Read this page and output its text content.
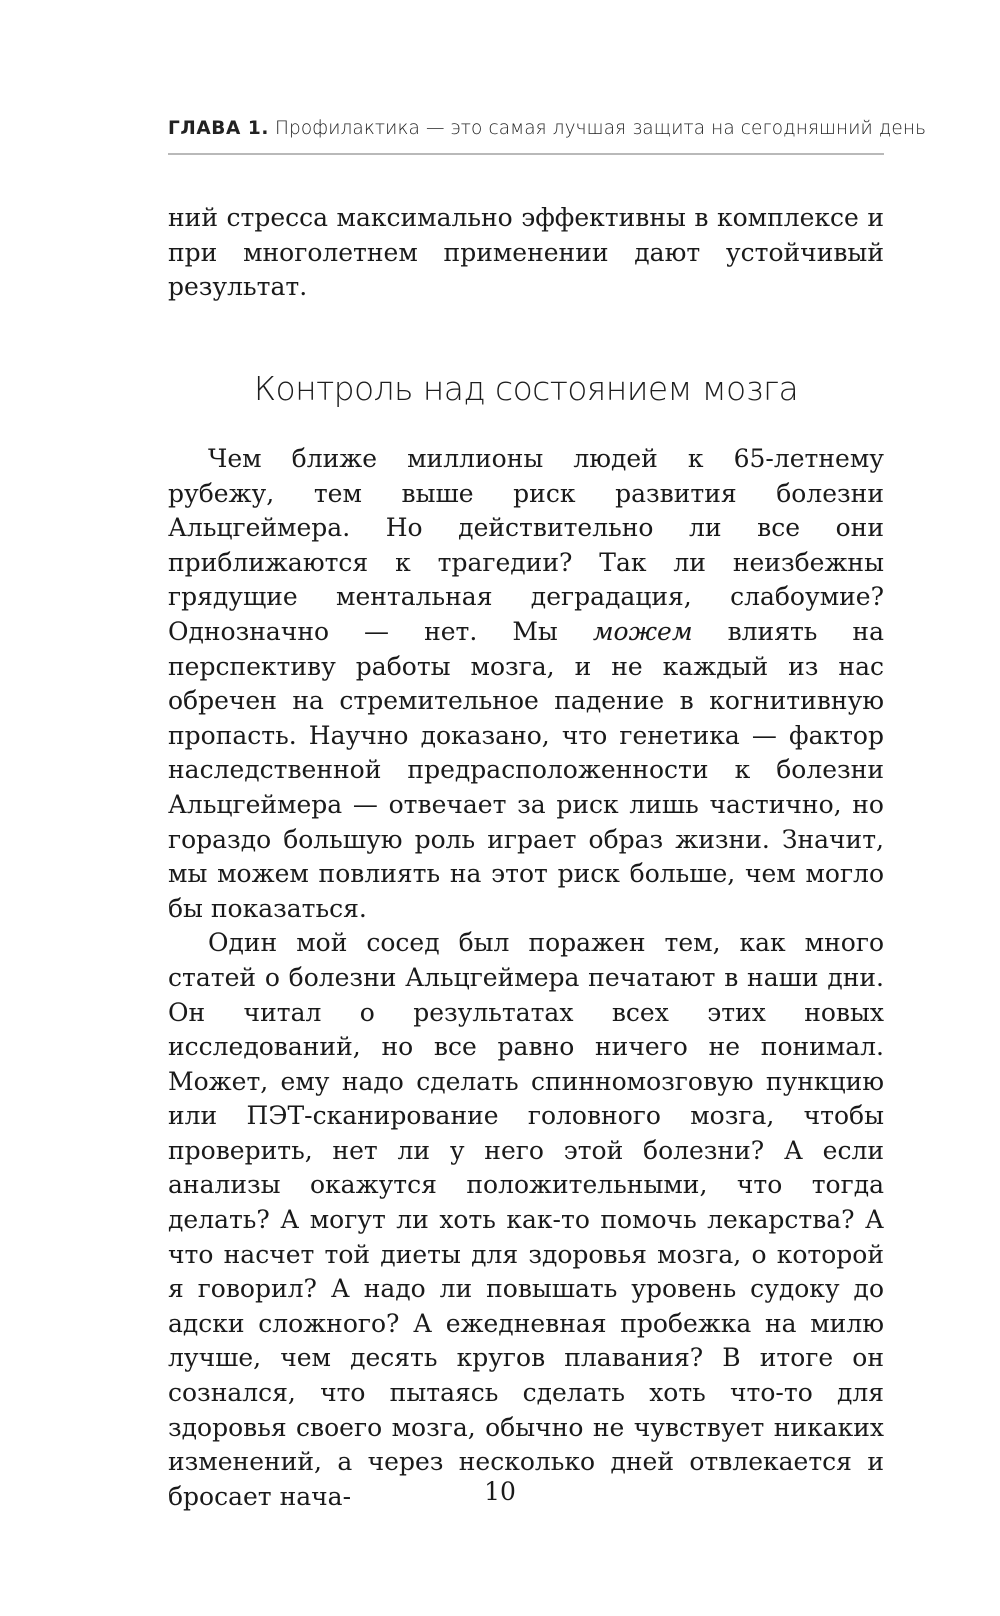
ГЛАВА 1. Профилактика — это самая лучшая защита на сегодняшний день

ний стресса максимально эффективны в комплексе и при многолетнем применении дают устойчивый результат.

Контроль над состоянием мозга

Чем ближе миллионы людей к 65-летнему рубежу, тем выше риск развития болезни Альцгеймера. Но действительно ли все они приближаются к трагедии? Так ли неизбежны грядущие ментальная деградация, слабоумие? Однозначно — нет. Мы можем влиять на перспективу работы мозга, и не каждый из нас обречен на стремительное падение в когнитивную пропасть. Научно доказано, что генетика — фактор наследственной предрасположенности к болезни Альцгеймера — отвечает за риск лишь частично, но гораздо большую роль играет образ жизни. Значит, мы можем повлиять на этот риск больше, чем могло бы показаться.

Один мой сосед был поражен тем, как много статей о болезни Альцгеймера печатают в наши дни. Он читал о результатах всех этих новых исследований, но все равно ничего не понимал. Может, ему надо сделать спинномозговую пункцию или ПЭТ-сканирование головного мозга, чтобы проверить, нет ли у него этой болезни? А если анализы окажутся положительными, что тогда делать? А могут ли хоть как-то помочь лекарства? А что насчет той диеты для здоровья мозга, о которой я говорил? А надо ли повышать уровень судоку до адски сложного? А ежедневная пробежка на милю лучше, чем десять кругов плавания? В итоге он сознался, что пытаясь сделать хоть что-то для здоровья своего мозга, обычно не чувствует никаких изменений, а через несколько дней отвлекается и бросает нача-	10
